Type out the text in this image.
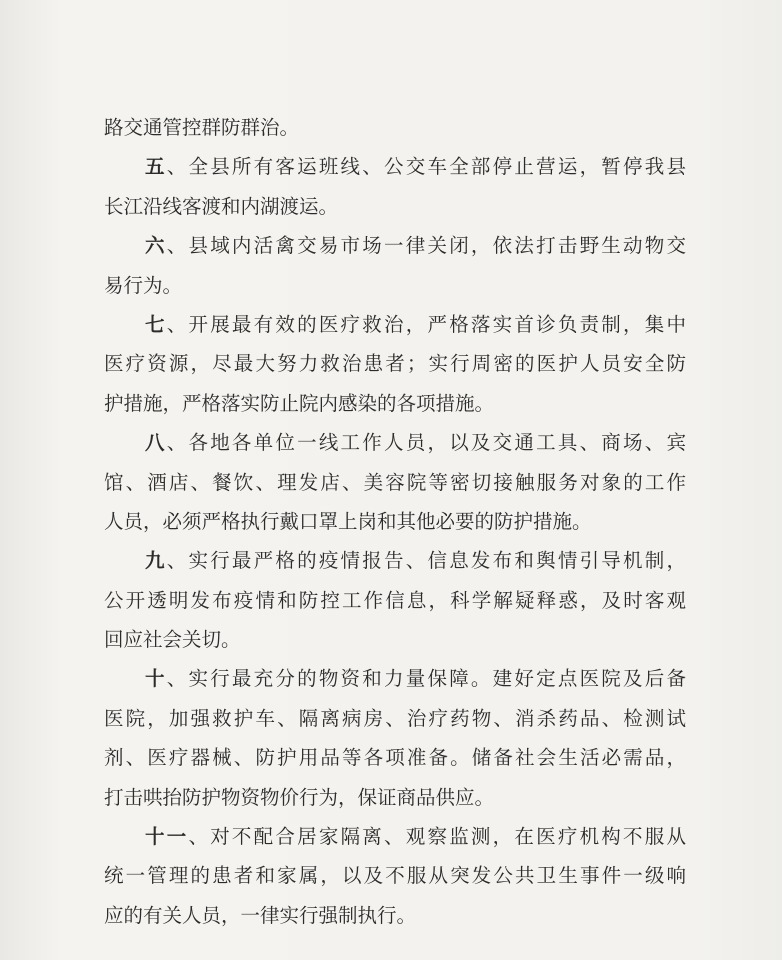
路交通管控群防群治。
五、全县所有客运班线、公交车全部停止营运，暂停我县
长江沿线客渡和内湖渡运。
六、县域内活禽交易市场一律关闭，依法打击野生动物交
易行为。
七、开展最有效的医疗救治，严格落实首诊负责制，集中
医疗资源，尽最大努力救治患者；实行周密的医护人员安全防
护措施，严格落实防止院内感染的各项措施。
八、各地各单位一线工作人员，以及交通工具、商场、宾
馆、酒店、餐饮、理发店、美容院等密切接触服务对象的工作
人员，必须严格执行戴口罩上岗和其他必要的防护措施。
九、实行最严格的疫情报告、信息发布和舆情引导机制，
公开透明发布疫情和防控工作信息，科学解疑释惑，及时客观
回应社会关切。
十、实行最充分的物资和力量保障。建好定点医院及后备
医院，加强救护车、隔离病房、治疗药物、消杀药品、检测试
剂、医疗器械、防护用品等各项准备。储备社会生活必需品，
打击哄抬防护物资物价行为，保证商品供应。
十一、对不配合居家隔离、观察监测，在医疗机构不服从
统一管理的患者和家属，以及不服从突发公共卫生事件一级响
应的有关人员，一律实行强制执行。
